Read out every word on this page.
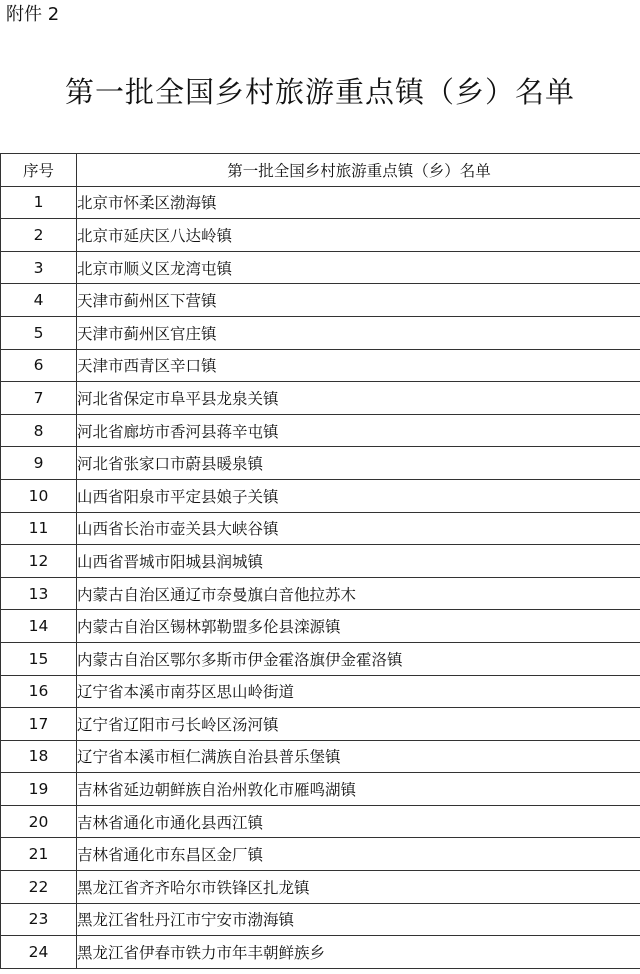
附件 2
第一批全国乡村旅游重点镇（乡）名单
序号	第一批全国乡村旅游重点镇（乡）名单
1	北京市怀柔区渤海镇
2	北京市延庆区八达岭镇
3	北京市顺义区龙湾屯镇
4	天津市蓟州区下营镇
5	天津市蓟州区官庄镇
6	天津市西青区辛口镇
7	河北省保定市阜平县龙泉关镇
8	河北省廊坊市香河县蒋辛屯镇
9	河北省张家口市蔚县暖泉镇
10	山西省阳泉市平定县娘子关镇
11	山西省长治市壶关县大峡谷镇
12	山西省晋城市阳城县润城镇
13	内蒙古自治区通辽市奈曼旗白音他拉苏木
14	内蒙古自治区锡林郭勒盟多伦县滦源镇
15	内蒙古自治区鄂尔多斯市伊金霍洛旗伊金霍洛镇
16	辽宁省本溪市南芬区思山岭街道
17	辽宁省辽阳市弓长岭区汤河镇
18	辽宁省本溪市桓仁满族自治县普乐堡镇
19	吉林省延边朝鲜族自治州敦化市雁鸣湖镇
20	吉林省通化市通化县西江镇
21	吉林省通化市东昌区金厂镇
22	黑龙江省齐齐哈尔市铁锋区扎龙镇
23	黑龙江省牡丹江市宁安市渤海镇
24	黑龙江省伊春市铁力市年丰朝鲜族乡
